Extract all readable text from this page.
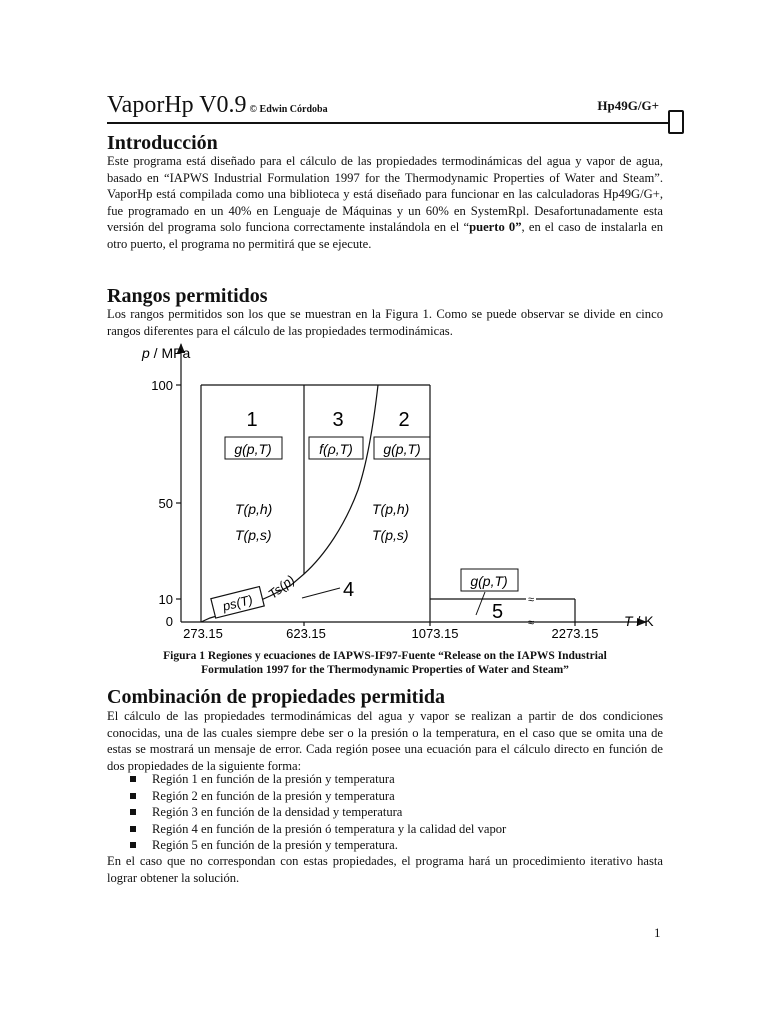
VaporHp V0.9 © Edwin Córdoba	Hp49G/G+
Introducción

Este programa está diseñado para el cálculo de las propiedades termodinámicas del agua y vapor de agua, basado en “IAPWS Industrial Formulation 1997 for the Thermodynamic Properties of Water and Steam”. VaporHp está compilada como una biblioteca y está diseñado para funcionar en las calculadoras Hp49G/G+, fue programado en un 40% en Lenguaje de Máquinas y un 60% en SystemRpl. Desafortunadamente esta versión del programa solo funciona correctamente instalándola en el “puerto 0”, en el caso de instalarla en otro puerto, el programa no permitirá que se ejecute.

Rangos permitidos

Los rangos permitidos son los que se muestran en la Figura 1. Como se puede observar se divide en cinco rangos diferentes para el cálculo de las propiedades termodinámicas.

p / MPa
100
50
10
0
273.15	623.15	1073.15	2273.15
T / K
1	3	2
4
5
g(p,T)	f(ρ,T) g(p,T)
T(p,h)
T(p,s)
T(p,h)
T(p,s)
ps(T)
Ts(p)	g(p,T)
≈
≈
Figura 1 Regiones y ecuaciones de IAPWS-IF97-Fuente “Release on the IAPWS Industrial
Formulation 1997 for the Thermodynamic Properties of Water and Steam”
Combinación de propiedades permitida

El cálculo de las propiedades termodinámicas del agua y vapor se realizan a partir de dos condiciones conocidas, una de las cuales siempre debe ser o la presión o la temperatura, en el caso que se omita una de estas se mostrará un mensaje de error. Cada región posee una ecuación para el cálculo directo en función de dos propiedades de la siguiente forma:

Región 1 en función de la presión y temperatura
Región 2 en función de la presión y temperatura
Región 3 en función de la densidad y temperatura
Región 4 en función de la presión ó temperatura y la calidad del vapor
Región 5 en función de la presión y temperatura.

En el caso que no correspondan con estas propiedades, el programa hará un procedimiento iterativo hasta lograr obtener la solución.

1
